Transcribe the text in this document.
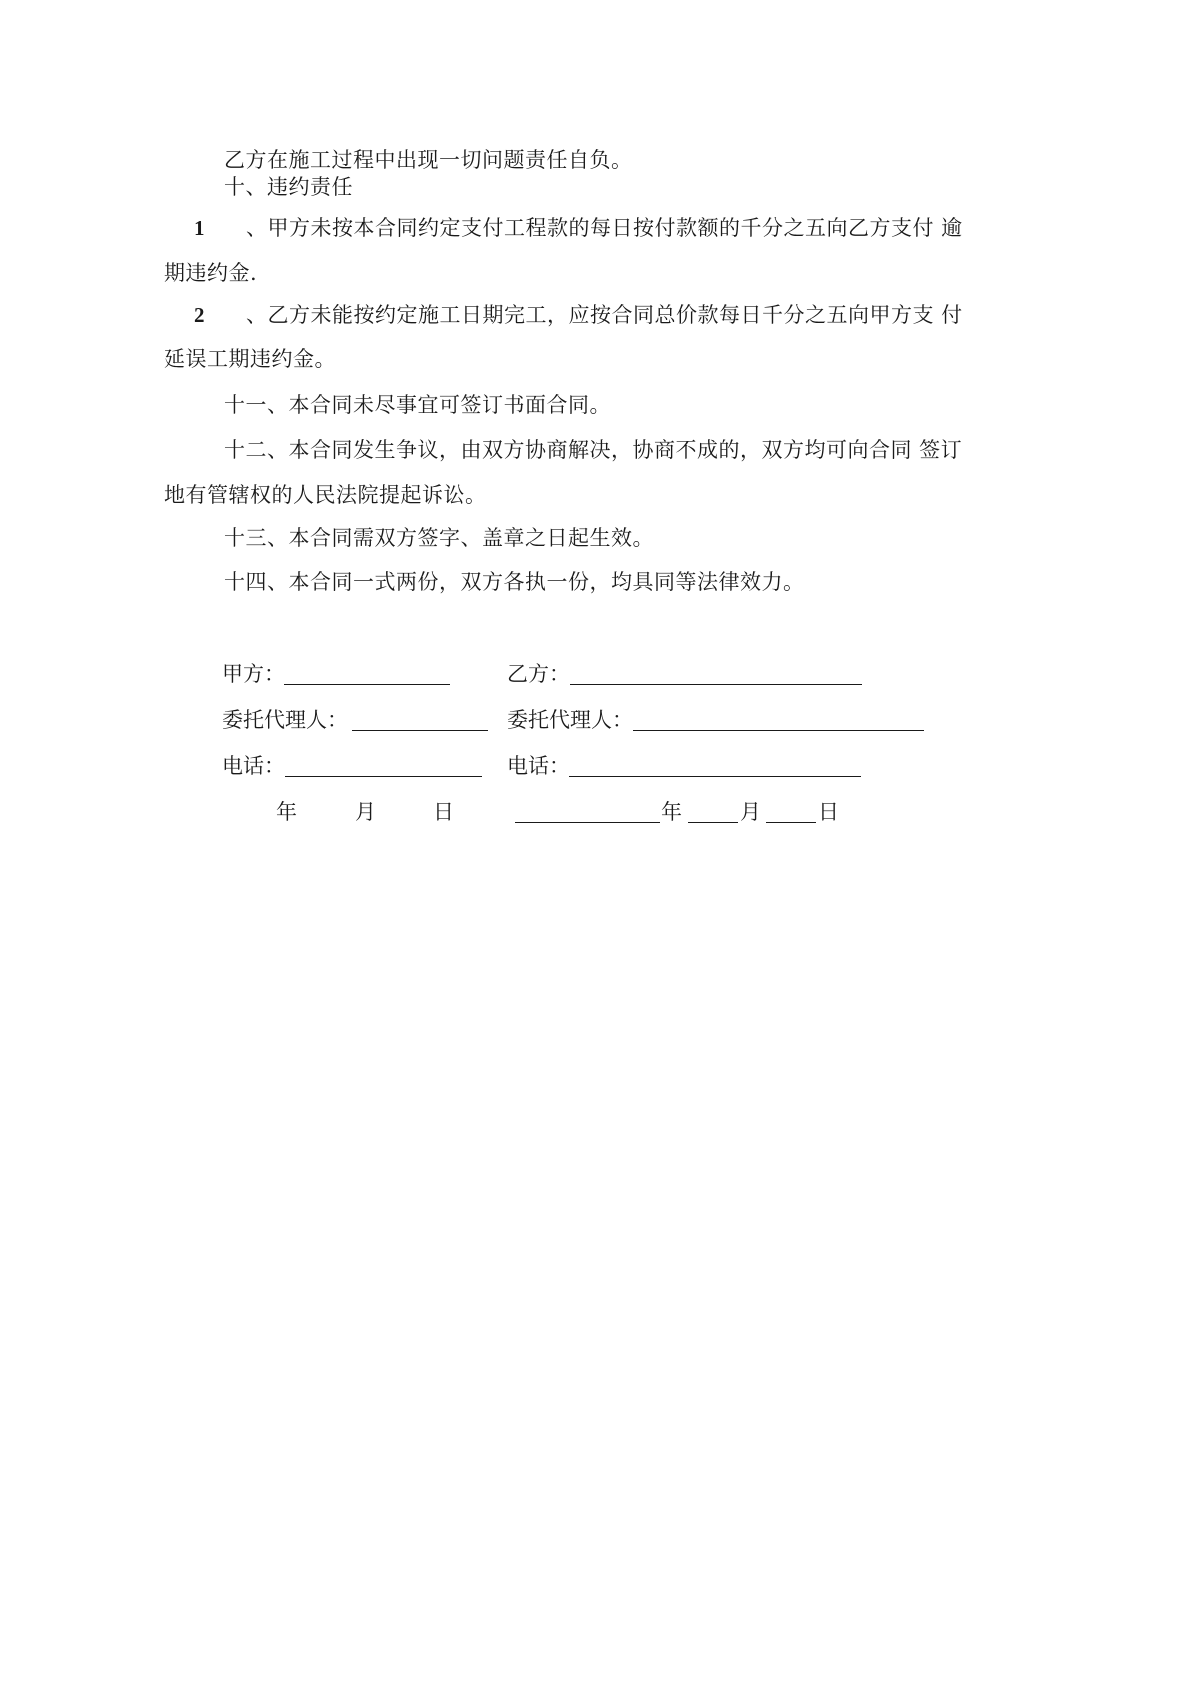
乙方在施工过程中出现一切问题责任自负。
十、违约责任
1 、甲方未按本合同约定支付工程款的每日按付款额的千分之五向乙方支付 逾
期违约金.
2 、乙方未能按约定施工日期完工，应按合同总价款每日千分之五向甲方支 付
延误工期违约金。
十一、本合同未尽事宜可签订书面合同。
十二、本合同发生争议，由双方协商解决，协商不成的，双方均可向合同 签订
地有管辖权的人民法院提起诉讼。
十三、本合同需双方签字、盖章之日起生效。
十四、本合同一式两份，双方各执一份，均具同等法律效力。
甲方：	乙方：
委托代理人：	委托代理人：
电话：	电话：
年	月	日	年	月	日
